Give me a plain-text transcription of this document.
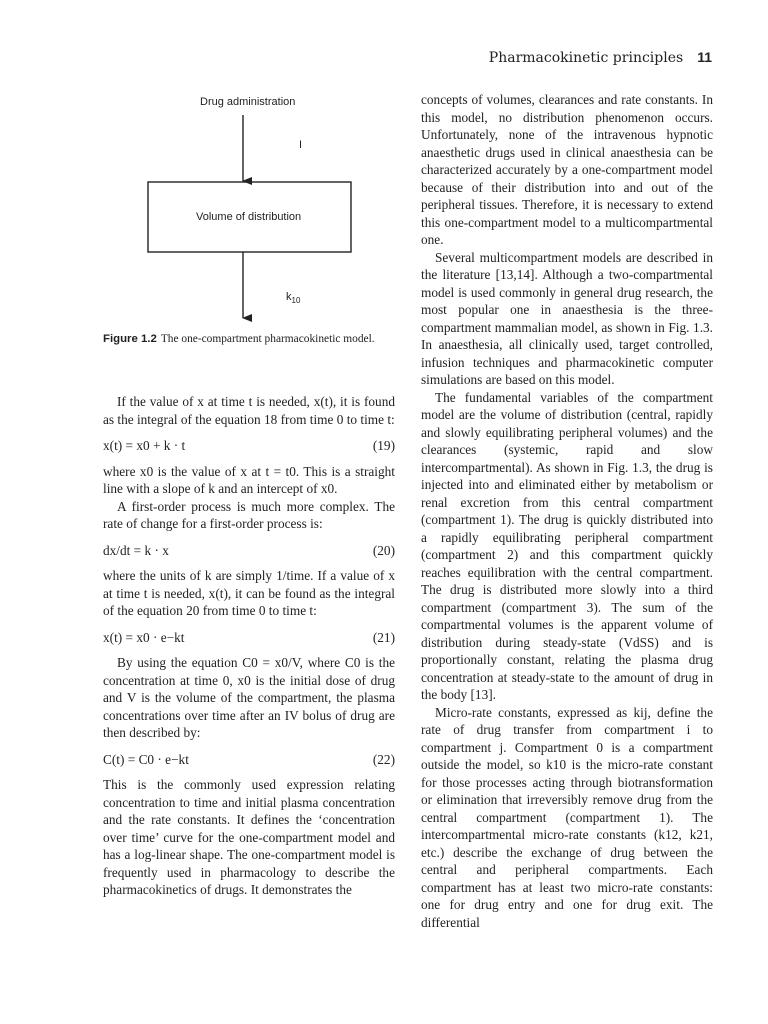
Pharmacokinetic principles 11
Drug administration
I
Volume of distribution
$k_{10}$
Figure 1.2 The one-compartment pharmacokinetic model.

If the value of x at time t is needed, x(t), it is found as the integral of the equation 18 from time 0 to time t:

x(t) = x0 + k · t	(19)

where x0 is the value of x at t = t0. This is a straight line with a slope of k and an intercept of x0.

A first-order process is much more complex. The rate of change for a first-order process is:

dx/dt = k · x	(20)

where the units of k are simply 1/time. If a value of x at time t is needed, x(t), it can be found as the integral of the equation 20 from time 0 to time t:

x(t) = x0 · e−kt	(21)

By using the equation C0 = x0/V, where C0 is the concentration at time 0, x0 is the initial dose of drug and V is the volume of the compartment, the plasma concentrations over time after an IV bolus of drug are then described by:

C(t) = C0 · e−kt	(22)

This is the commonly used expression relating concentration to time and initial plasma concentration and the rate constants. It defines the ‘concentration over time’ curve for the one-compartment model and has a log-linear shape. The one-compartment model is frequently used in pharmacology to describe the pharmacokinetics of drugs. It demonstrates the

concepts of volumes, clearances and rate constants. In this model, no distribution phenomenon occurs. Unfortunately, none of the intravenous hypnotic anaesthetic drugs used in clinical anaesthesia can be characterized accurately by a one-compartment model because of their distribution into and out of the peripheral tissues. Therefore, it is necessary to extend this one-compartment model to a multicompartmental one.

Several multicompartment models are described in the literature [13,14]. Although a two-compartmental model is used commonly in general drug research, the most popular one in anaesthesia is the three-compartment mammalian model, as shown in Fig. 1.3. In anaesthesia, all clinically used, target controlled, infusion techniques and pharmacokinetic computer simulations are based on this model.

The fundamental variables of the compartment model are the volume of distribution (central, rapidly and slowly equilibrating peripheral volumes) and the clearances (systemic, rapid and slow intercompartmental). As shown in Fig. 1.3, the drug is injected into and eliminated either by metabolism or renal excretion from this central compartment (compartment 1). The drug is quickly distributed into a rapidly equilibrating peripheral compartment (compartment 2) and this compartment quickly reaches equilibration with the central compartment. The drug is distributed more slowly into a third compartment (compartment 3). The sum of the compartmental volumes is the apparent volume of distribution during steady-state (VdSS) and is proportionally constant, relating the plasma drug concentration at steady-state to the amount of drug in the body [13].

Micro-rate constants, expressed as kij, define the rate of drug transfer from compartment i to compartment j. Compartment 0 is a compartment outside the model, so k10 is the micro-rate constant for those processes acting through biotransformation or elimination that irreversibly remove drug from the central compartment (compartment 1). The intercompartmental micro-rate constants (k12, k21, etc.) describe the exchange of drug between the central and peripheral compartments. Each compartment has at least two micro-rate constants: one for drug entry and one for drug exit. The differential
